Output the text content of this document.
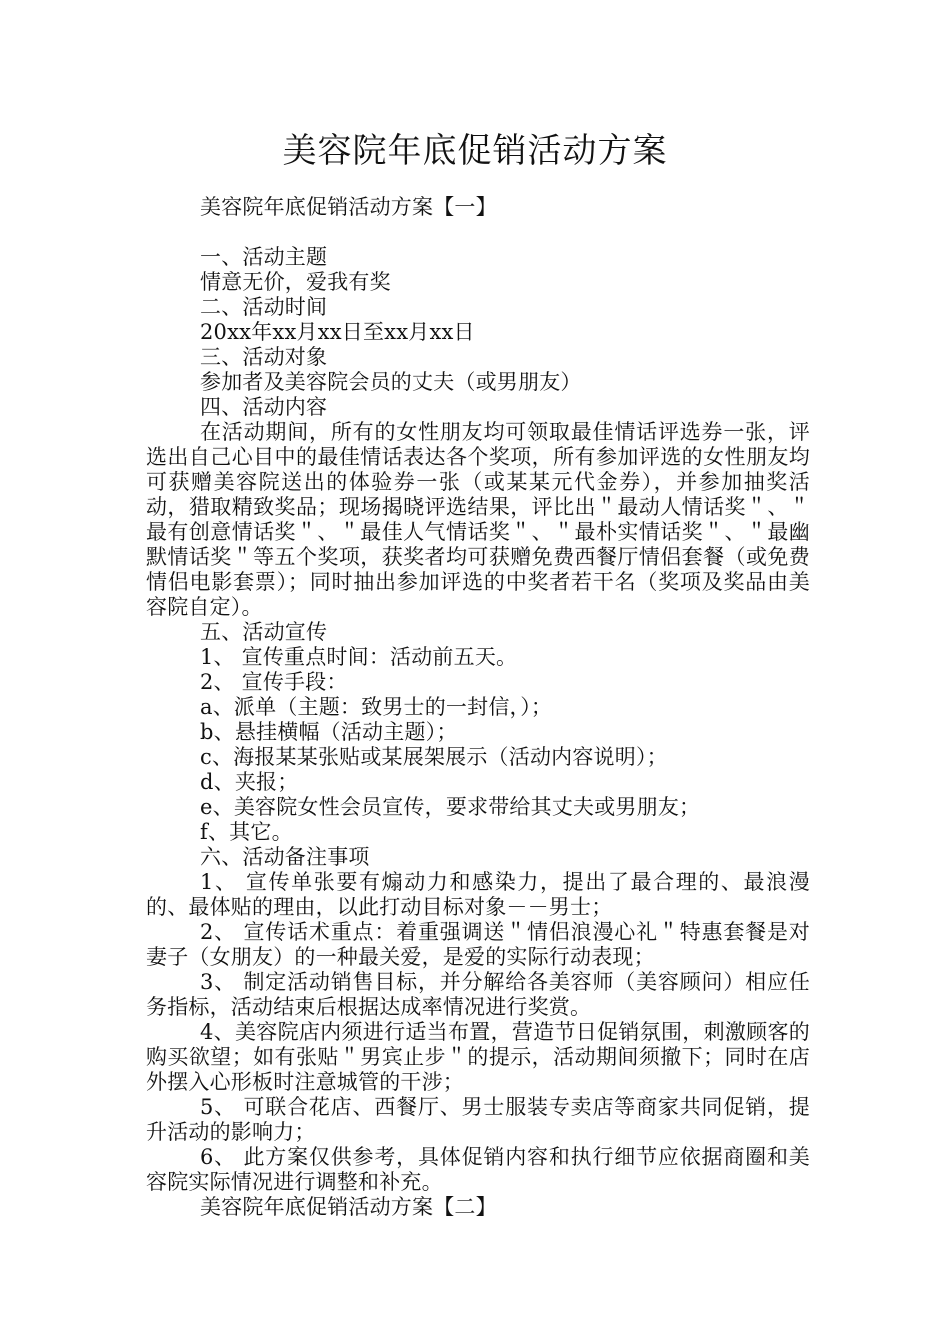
美容院年底促销活动方案

美容院年底促销活动方案【一】

一、活动主题

情意无价，爱我有奖

二、活动时间

20xx年xx月xx日至xx月xx日

三、活动对象

参加者及美容院会员的丈夫（或男朋友）

四、活动内容

在活动期间，所有的女性朋友均可领取最佳情话评选券一张，评选出自己心目中的最佳情话表达各个奖项，所有参加评选的女性朋友均可获赠美容院送出的体验券一张（或某某元代金券），并参加抽奖活动，猎取精致奖品；现场揭晓评选结果，评比出＂最动人情话奖＂、＂最有创意情话奖＂、＂最佳人气情话奖＂、＂最朴实情话奖＂、＂最幽默情话奖＂等五个奖项，获奖者均可获赠免费西餐厅情侣套餐（或免费情侣电影套票）；同时抽出参加评选的中奖者若干名（奖项及奖品由美容院自定）。

五、活动宣传

1、 宣传重点时间：活动前五天。

2、 宣传手段：

a、派单（主题：致男士的一封信，）；

b、悬挂横幅（活动主题）；

c、海报某某张贴或某展架展示（活动内容说明）；

d、夹报；

e、美容院女性会员宣传，要求带给其丈夫或男朋友；

f、其它。

六、活动备注事项

1、 宣传单张要有煽动力和感染力，提出了最合理的、最浪漫的、最体贴的理由，以此打动目标对象－－男士；

2、 宣传话术重点：着重强调送＂情侣浪漫心礼＂特惠套餐是对妻子（女朋友）的一种最关爱，是爱的实际行动表现；

3、 制定活动销售目标，并分解给各美容师（美容顾问）相应任务指标，活动结束后根据达成率情况进行奖赏。

4、美容院店内须进行适当布置，营造节日促销氛围，刺激顾客的购买欲望；如有张贴＂男宾止步＂的提示，活动期间须撤下；同时在店外摆入心形板时注意城管的干涉；

5、 可联合花店、西餐厅、男士服装专卖店等商家共同促销，提升活动的影响力；

6、 此方案仅供参考，具体促销内容和执行细节应依据商圈和美容院实际情况进行调整和补充。

美容院年底促销活动方案【二】
